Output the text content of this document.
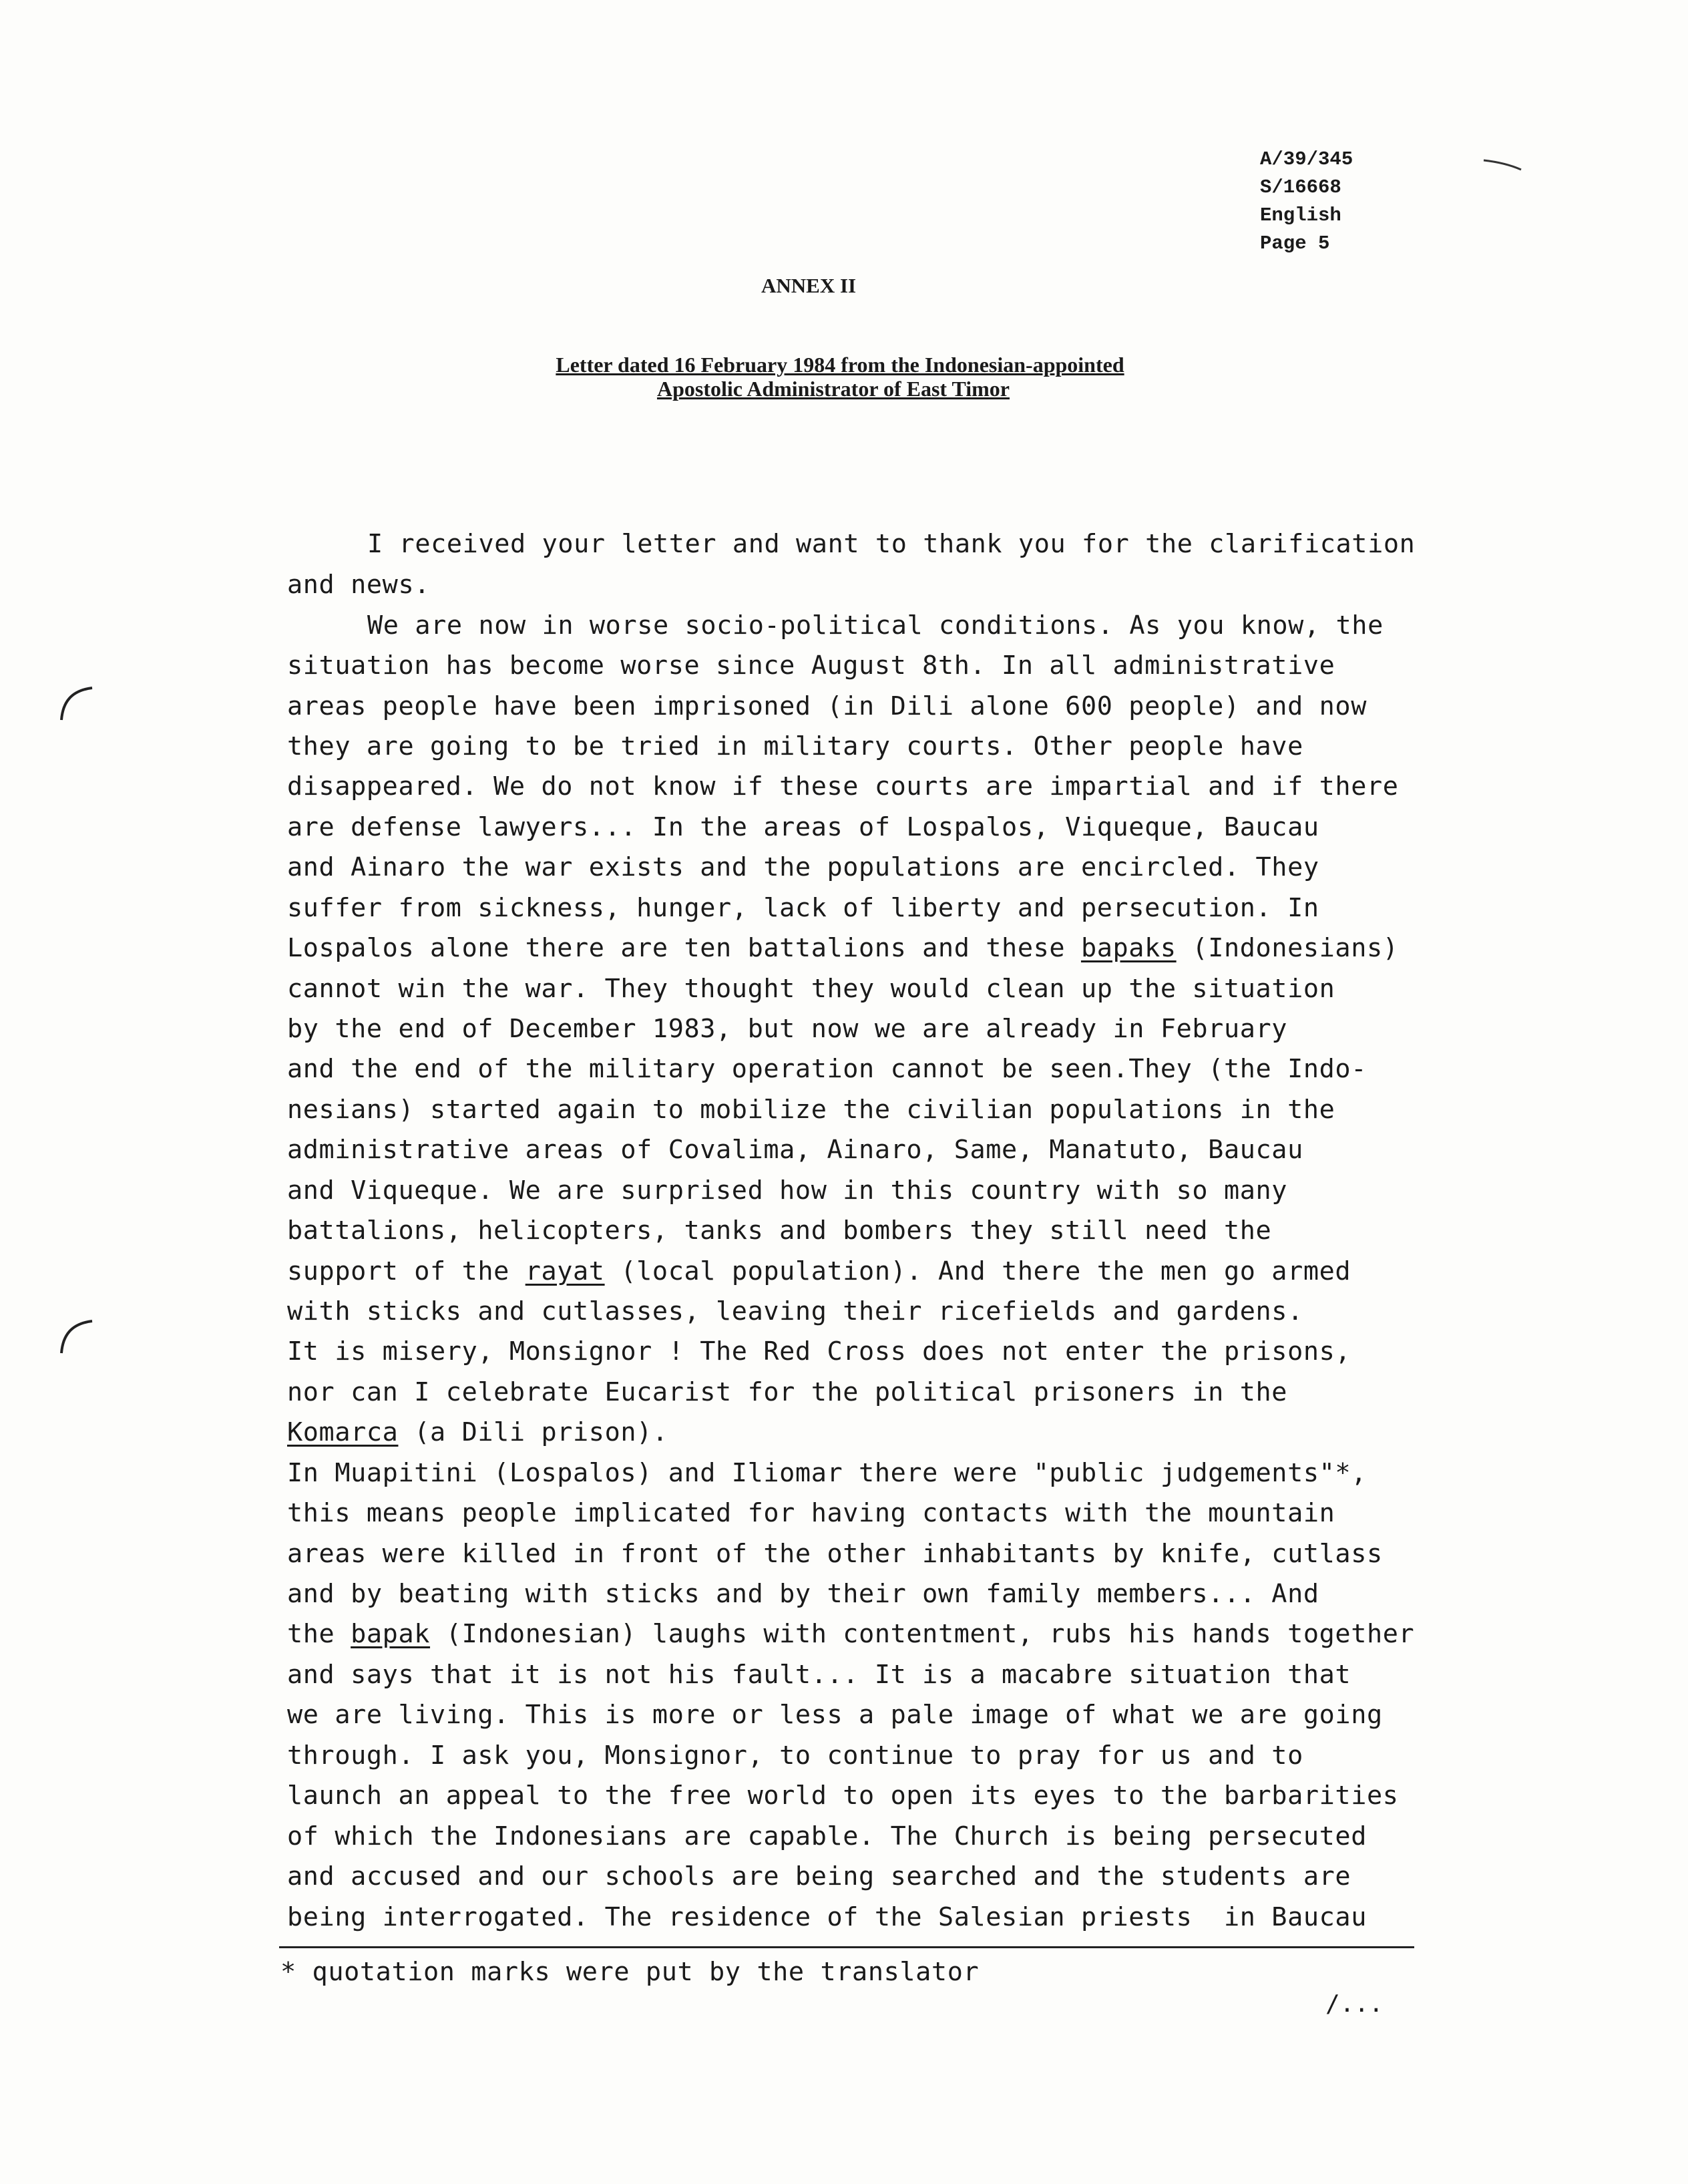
A/39/345
S/16668
English
Page 5
ANNEX II
Letter dated 16 February 1984 from the Indonesian-appointed
Apostolic Administrator of East Timor
I received your letter and want to thank you for the clarification
and news.
We are now in worse socio-political conditions. As you know, the
situation has become worse since August 8th. In all administrative
areas people have been imprisoned (in Dili alone 600 people) and now
they are going to be tried in military courts. Other people have
disappeared. We do not know if these courts are impartial and if there
are defense lawyers... In the areas of Lospalos, Viqueque, Baucau
and Ainaro the war exists and the populations are encircled. They
suffer from sickness, hunger, lack of liberty and persecution. In
Lospalos alone there are ten battalions and these bapaks (Indonesians)
cannot win the war. They thought they would clean up the situation
by the end of December 1983, but now we are already in February
and the end of the military operation cannot be seen.They (the Indo-
nesians) started again to mobilize the civilian populations in the
administrative areas of Covalima, Ainaro, Same, Manatuto, Baucau
and Viqueque. We are surprised how in this country with so many
battalions, helicopters, tanks and bombers they still need the
support of the rayat (local population). And there the men go armed
with sticks and cutlasses, leaving their ricefields and gardens.
It is misery, Monsignor ! The Red Cross does not enter the prisons,
nor can I celebrate Eucarist for the political prisoners in the
Komarca (a Dili prison).
In Muapitini (Lospalos) and Iliomar there were "public judgements"*,
this means people implicated for having contacts with the mountain
areas were killed in front of the other inhabitants by knife, cutlass
and by beating with sticks and by their own family members... And
the bapak (Indonesian) laughs with contentment, rubs his hands together
and says that it is not his fault... It is a macabre situation that
we are living. This is more or less a pale image of what we are going
through. I ask you, Monsignor, to continue to pray for us and to
launch an appeal to the free world to open its eyes to the barbarities
of which the Indonesians are capable. The Church is being persecuted
and accused and our schools are being searched and the students are
being interrogated. The residence of the Salesian priests  in Baucau
* quotation marks were put by the translator
/...
